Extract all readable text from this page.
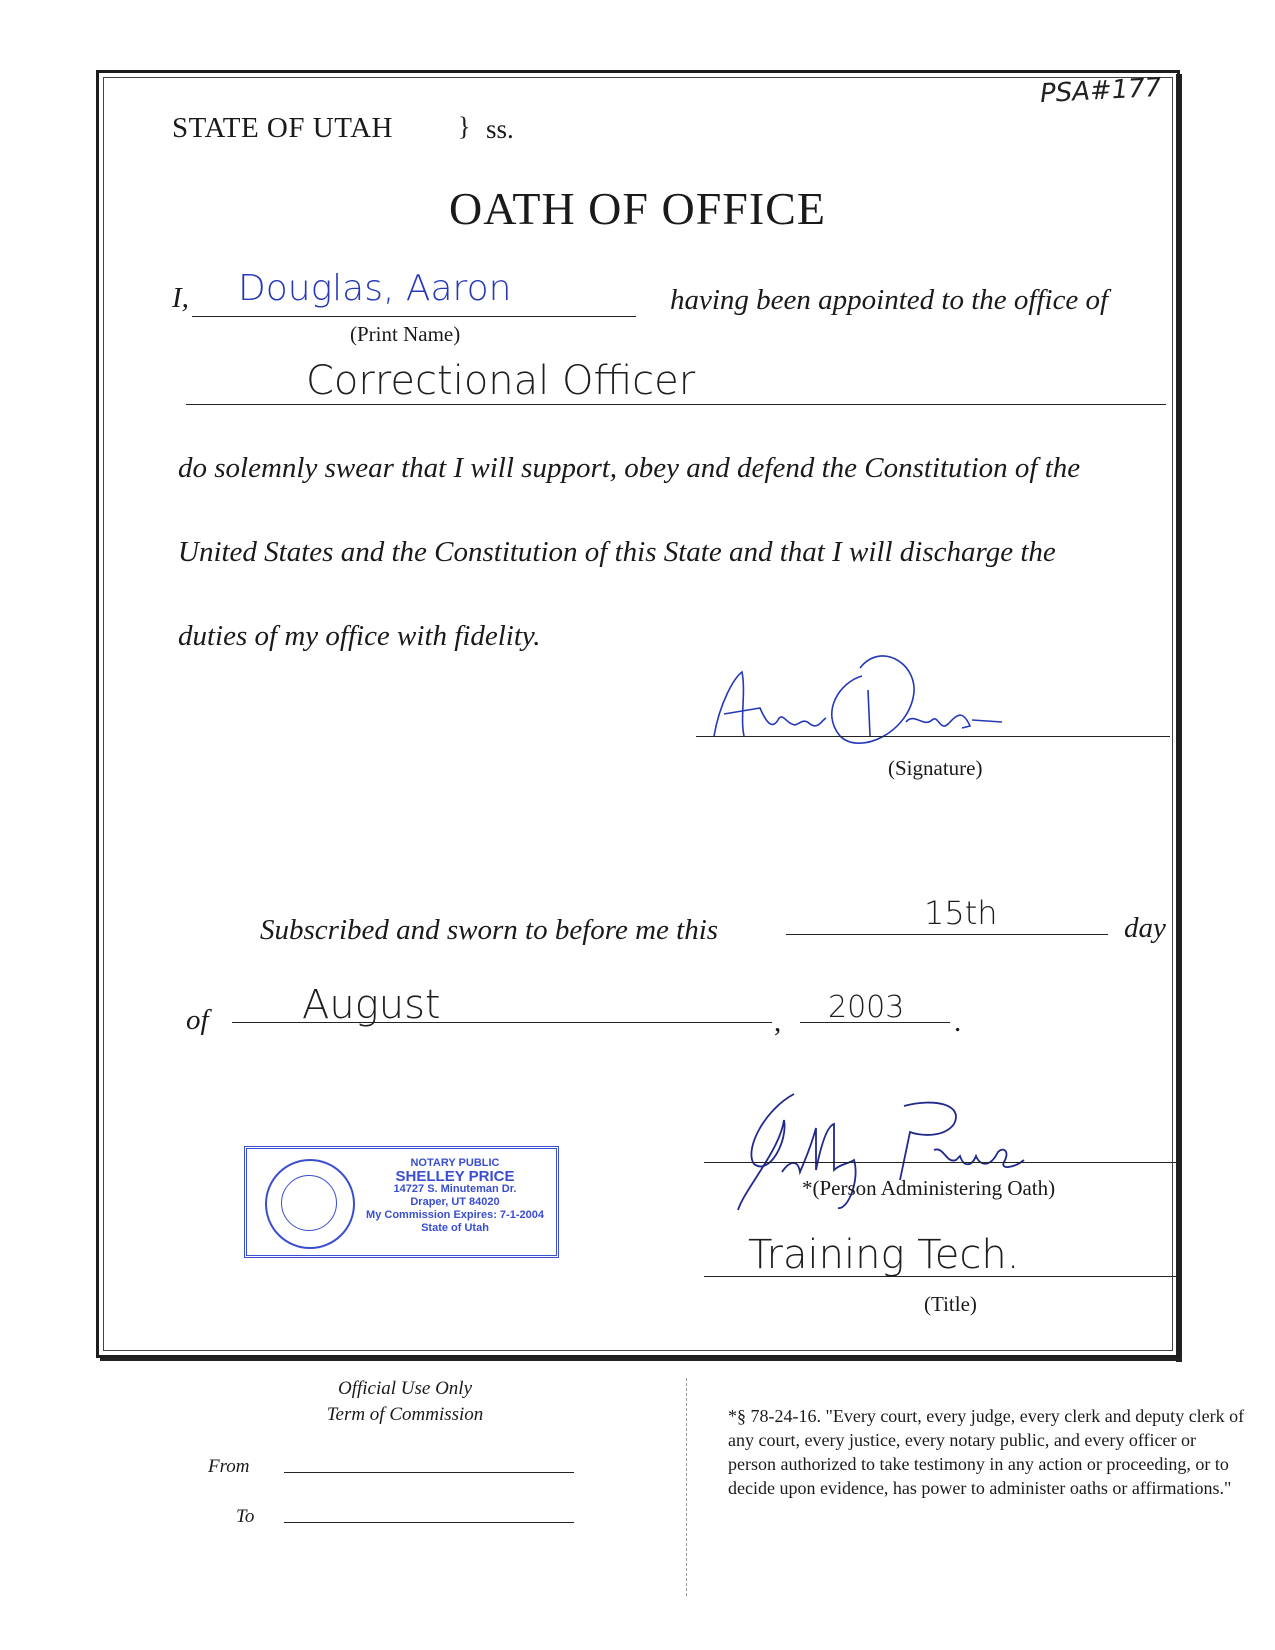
PSA#177
STATE OF UTAH	} ss.
OATH OF OFFICE
I, Douglas, Aaron
(Print Name)
having been appointed to the office of
Correctional Officer
do solemnly swear that I will support, obey and defend the Constitution of the
United States and the Constitution of this State and that I will discharge the
duties of my office with fidelity.
(Signature)
Subscribed and sworn to before me this	15th	day
of August	, 2003 .
NOTARY PUBLIC
SHELLEY PRICE
14727 S. Minuteman Dr.
Draper, UT 84020
My Commission Expires: 7-1-2004
State of Utah
*(Person Administering Oath)
Training Tech.
(Title)
Official Use Only
Term of Commission
From
To
*§ 78-24-16. "Every court, every judge, every clerk and deputy clerk of any court, every justice, every notary public, and every officer or person authorized to take testimony in any action or proceeding, or to decide upon evidence, has power to administer oaths or affirmations."
